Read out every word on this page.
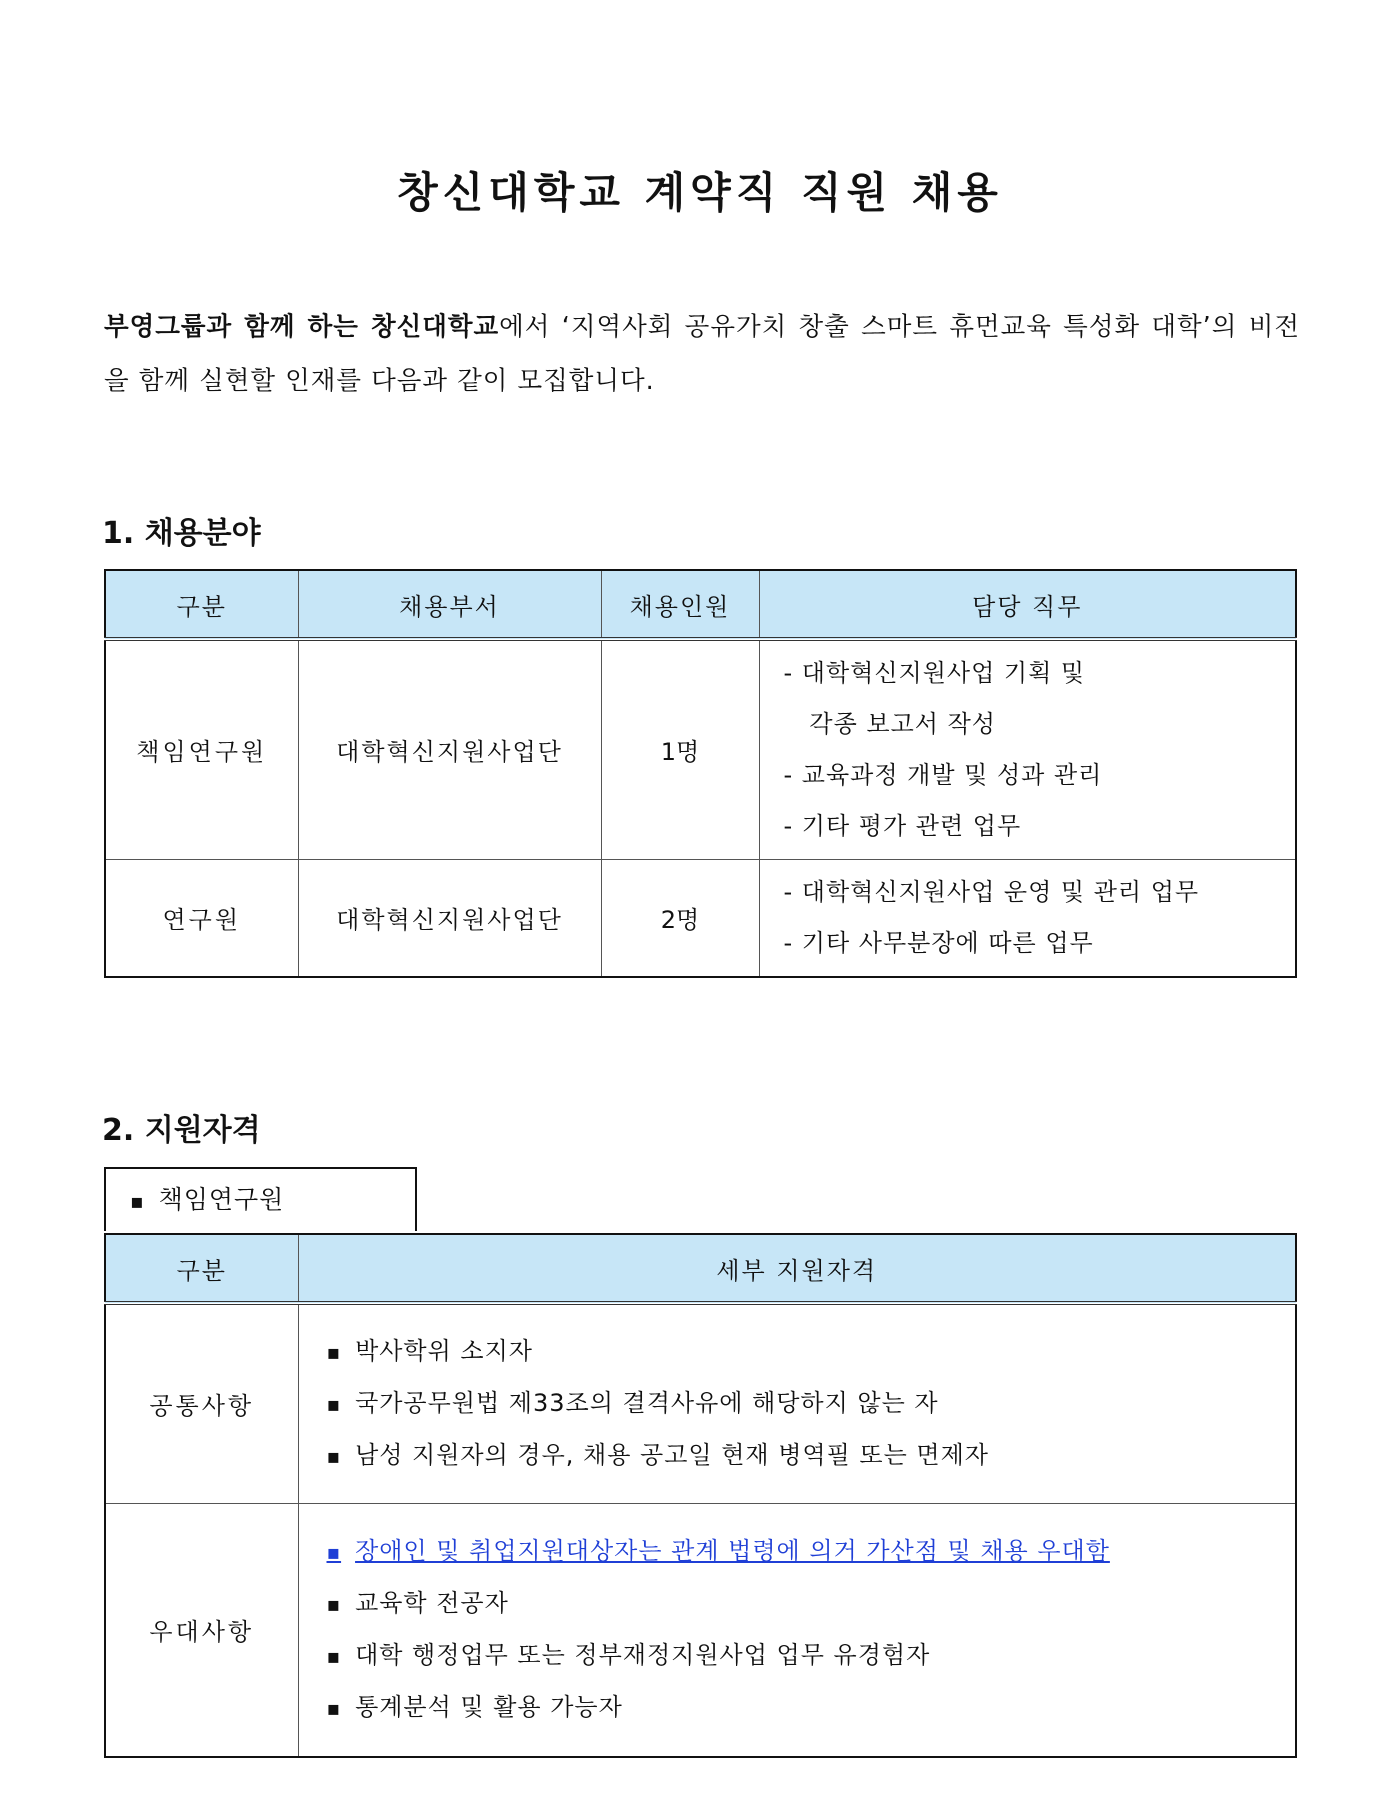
창신대학교 계약직 직원 채용
부영그룹과 함께 하는 창신대학교에서 ‘지역사회 공유가치 창출 스마트 휴먼교육 특성화 대학’의 비전을 함께 실현할 인재를 다음과 같이 모집합니다.
1. 채용분야
구분	채용부서	채용인원	담당 직무
책임연구원	대학혁신지원사업단	1명	- 대학혁신지원사업 기획 및
각종 보고서 작성
- 교육과정 개발 및 성과 관리
- 기타 평가 관련 업무

연구원	대학혁신지원사업단	2명	- 대학혁신지원사업 운영 및 관리 업무
- 기타 사무분장에 따른 업무
2. 지원자격
▪ 책임연구원
구분	세부 지원자격
공통사항	▪ 박사학위 소지자
▪ 국가공무원법 제33조의 결격사유에 해당하지 않는 자
▪ 남성 지원자의 경우, 채용 공고일 현재 병역필 또는 면제자

우대사항	▪ 장애인 및 취업지원대상자는 관계 법령에 의거 가산점 및 채용 우대함
▪ 교육학 전공자
▪ 대학 행정업무 또는 정부재정지원사업 업무 유경험자
▪ 통계분석 및 활용 가능자
